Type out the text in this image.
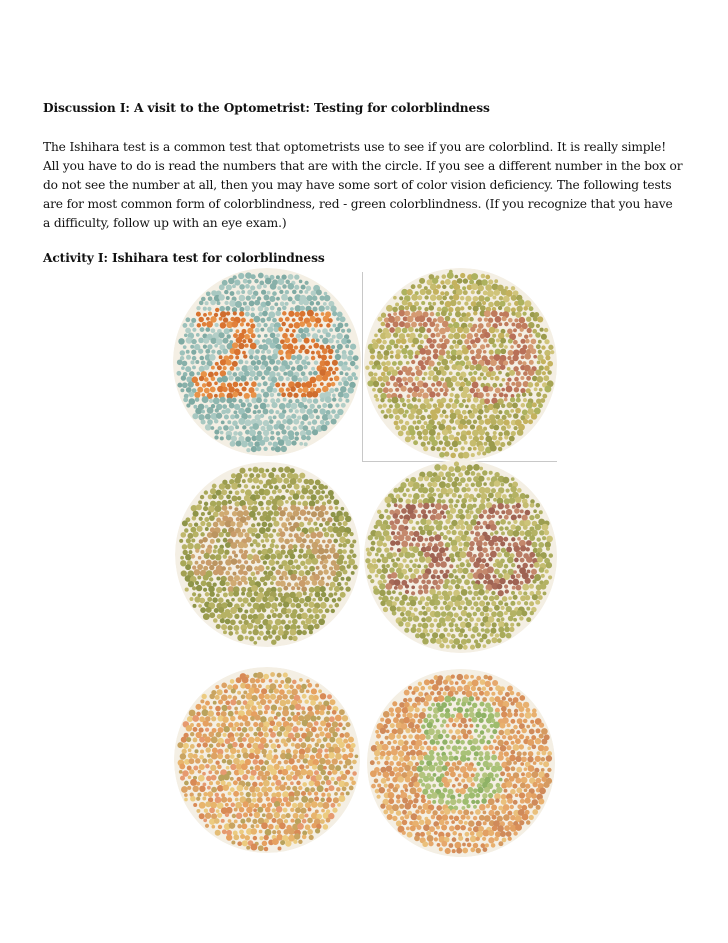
Discussion I: A visit to the Optometrist: Testing for colorblindness
The Ishihara test is a common test that optometrists use to see if you are colorblind. It is really simple!
All you have to do is read the numbers that are with the circle. If you see a different number in the box or
do not see the number at all, then you may have some sort of color vision deficiency. The following tests
are for most common form of colorblindness, red - green colorblindness. (If you recognize that you have
a difficulty, follow up with an eye exam.)
Activity I: Ishihara test for colorblindness
